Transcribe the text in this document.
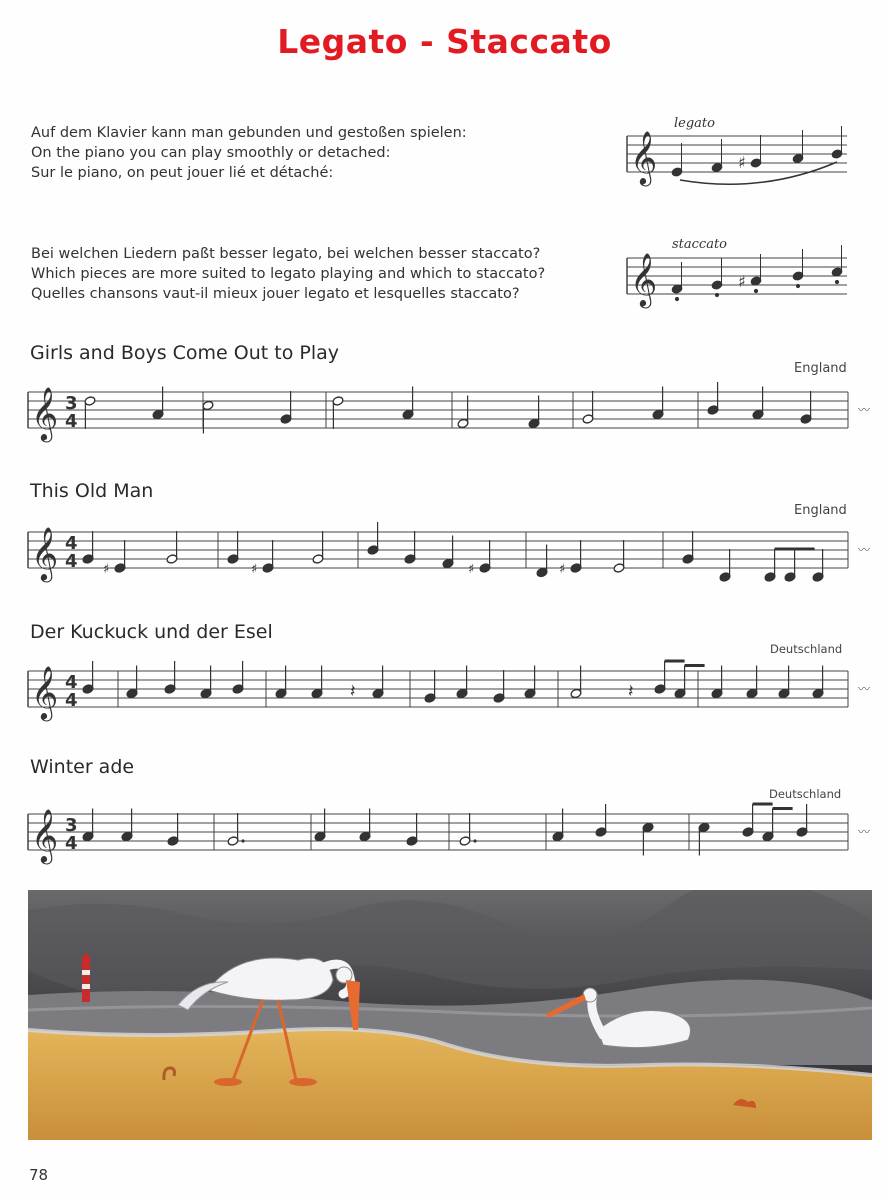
Legato - Staccato
Auf dem Klavier kann man gebunden und gestoßen spielen:
On the piano you can play smoothly or detached:
Sur le piano, on peut jouer lié et détaché:
Bei welchen Liedern paßt besser legato, bei welchen besser staccato?
Which pieces are more suited to legato playing and which to staccato?
Quelles chansons vaut-il mieux jouer legato et lesquelles staccato?
legato
𝄞	♯
staccato
𝄞	♯
Girls and Boys Come Out to Play
England
𝄞 3
4
〰
This Old Man
England
𝄞 4
4
〰
♯	♯	♯	♯
Der Kuckuck und der Esel
Deutschland
𝄞 4
4
〰
𝄽	𝄽
Winter ade
Deutschland
𝄞 3
4
〰
78
